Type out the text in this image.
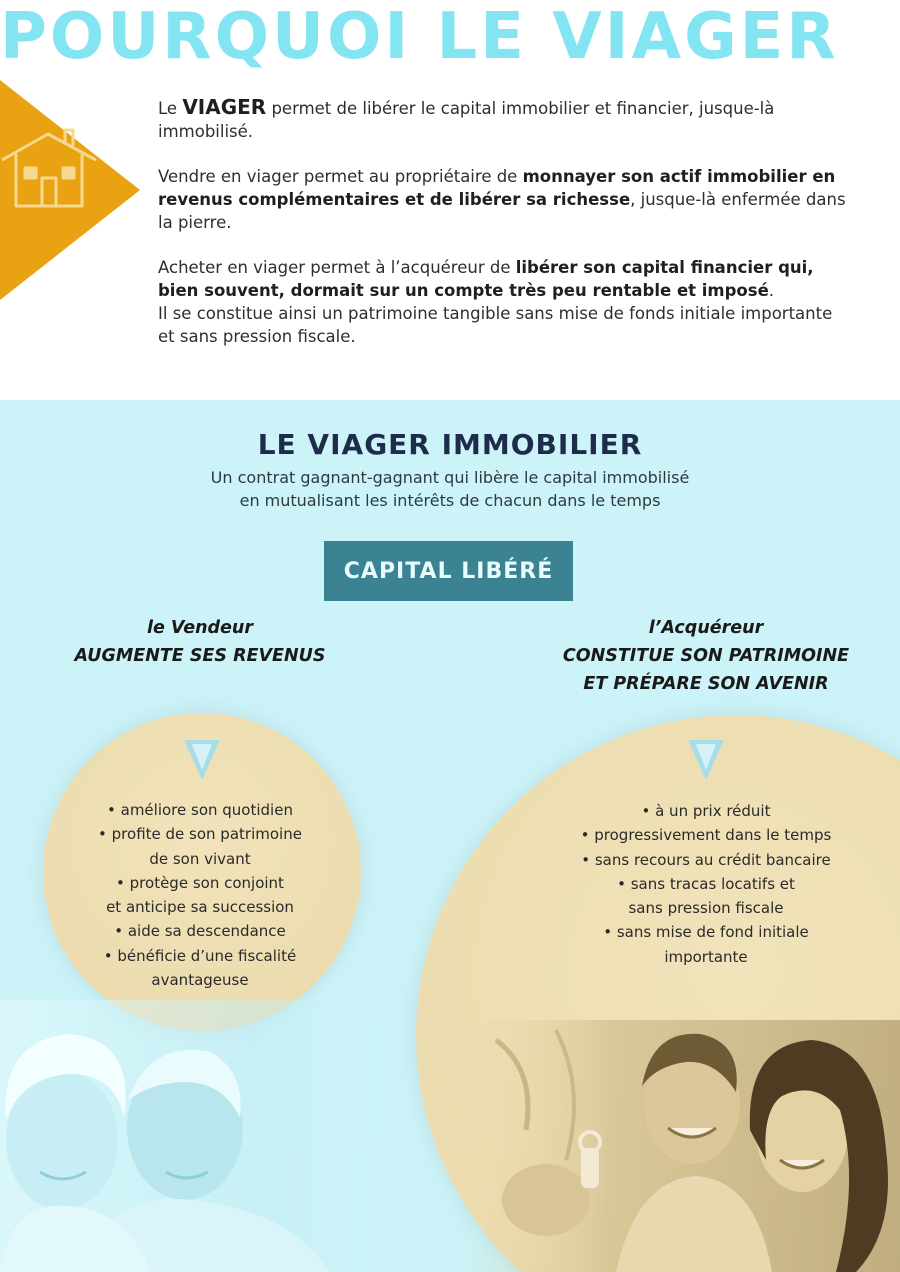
POURQUOI LE VIAGER

Le VIAGER permet de libérer le capital immobilier et financier, jusque-là immobilisé.

Vendre en viager permet au propriétaire de monnayer son actif immobilier en revenus complémentaires et de libérer sa richesse, jusque-là enfermée dans la pierre.

Acheter en viager permet à l’acquéreur de libérer son capital financier qui, bien souvent, dormait sur un compte très peu rentable et imposé.
Il se constitue ainsi un patrimoine tangible sans mise de fonds initiale importante et sans pression fiscale.

LE VIAGER IMMOBILIER
Un contrat gagnant-gagnant qui libère le capital immobilisé
en mutualisant les intérêts de chacun dans le temps
CAPITAL LIBÉRÉ
le Vendeur
AUGMENTE SES REVENUS
l’Acquéreur
CONSTITUE SON PATRIMOINE
ET PRÉPARE SON AVENIR
• améliore son quotidien
• profite de son patrimoine
de son vivant
• protège son conjoint
et anticipe sa succession
• aide sa descendance
• bénéficie d’une fiscalité
avantageuse
• à un prix réduit
• progressivement dans le temps
• sans recours au crédit bancaire
• sans tracas locatifs et
sans pression fiscale
• sans mise de fond initiale
importante
